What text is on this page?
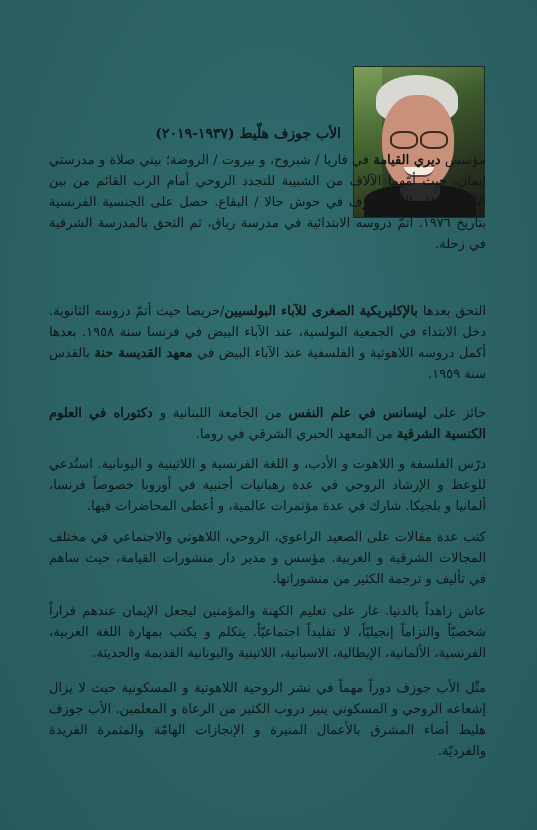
الأب جوزف هلّيط (١٩٣٧-٢٠١٩)
مؤسس ديري القيامة في فاريا / شبروح، و بيروت / الروضة؛ بيتي صلاة و مدرستي إيمان، حيث أمّهما الآلاف من الشبيبة للتجدد الروحي أمام الرب القائم من بين الأموات. وُلد الأب جوزف في حوش حالا / البقاع. حصل على الجنسية الفرنسية بتاريخ ١٩٧٦. أتمّ دروسه الابتدائية في مدرسة رياق، ثم التحق بالمدرسة الشرقية في زحلة.
التحق بعدها بالإكليريكية الصغرى للآباء البولسيين/حريصا حيث أتمّ دروسه الثانوية. دخل الابتداء في الجمعية البولسية، عند الآباء البيض في فرنسا سنة ١٩٥٨. بعدها أكمل دروسه اللاهوتية و الفلسفية عند الآباء البيض في معهد القديسة حنة بالقدس سنة ١٩٥٩.
حائز على ليسانس في علم النفس من الجامعة اللبنانية و دكتوراه في العلوم الكنسية الشرقية من المعهد الحبري الشرقي في روما.
درّس الفلسفة و اللاهوت و الأدب، و اللغة الفرنسية و اللاتينية و اليونانية. استُدعي للوعظ و الإرشاد الروحي في عدة رهبانيات أجنبية في أوروبا خصوصاً فرنسا، ألمانيا و بلجيكا. شارك في عدة مؤتمرات عالمية، و أعطى المحاضرات فيها.
كتب عدة مقالات على الصعيد الراعوي، الروحي، اللاهوتي والاجتماعي في مختلف المجالات الشرقية و الغربية. مؤسس و مدير دار منشورات القيامة، حيث ساهم في تأليف و ترجمة الكثير من منشوراتها.
عاش زاهداً بالدنيا. غار على تعليم الكهنة والمؤمنين ليجعل الإيمان عندهم قراراً شخصيّاً والتزاماً إنجيليّاً، لا تقليداً اجتماعيّاً. يتكلم و يكتب بمهارة اللغة العربية، الفرنسية، الألمانية، الإيطالية، الاسبانية، اللاتينية واليونانية القديمة والحديثة.
مثّل الأب جوزف دوراً مهماً في نشر الروحية اللاهوتية و المسكونية حيث لا يزال إشعاعه الروحي و المسكوني ينير دروب الكثير من الرعاة و المعلمين. الأب جوزف هليط أضاء المشرق بالأعمال المنيرة و الإنجازات الهامّة والمثمرة الفريدة والفرديّة.
